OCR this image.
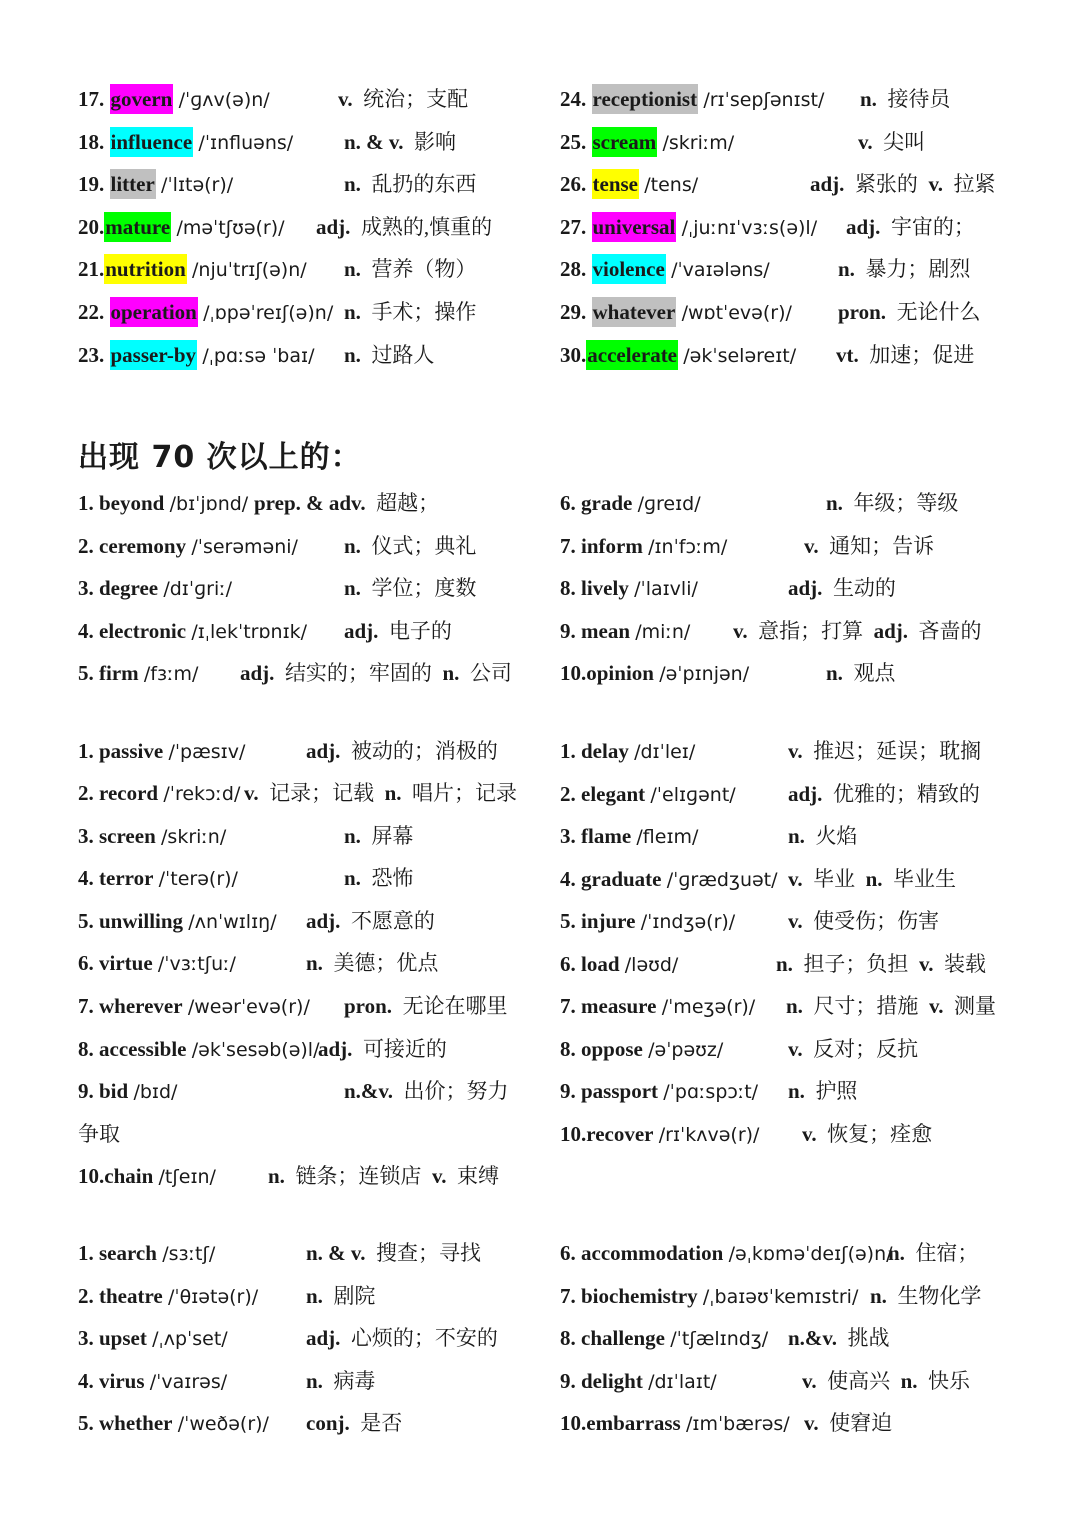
17. govern /ˈɡʌv(ə)n/	v.  统治；支配
18. influence /ˈɪnfluəns/ n. & v.  影响
19. litter /ˈlɪtə(r)/	n.  乱扔的东西
20.mature /məˈtʃʊə(r)/ adj.  成熟的,慎重的
21.nutrition /njuˈtrɪʃ(ə)n/ n.  营养（物）
22. operation /ˌɒpəˈreɪʃ(ə)n/ n.  手术；操作
23. passer-by /ˌpɑːsə ˈbaɪ/ n.  过路人
24. receptionist /rɪˈsepʃənɪst/ n.  接待员
25. scream /skriːm/	v.  尖叫
26. tense /tens/	adj.  紧张的  v.  拉紧
27. universal /ˌjuːnɪˈvɜːs(ə)l/ adj.  宇宙的；
28. violence /ˈvaɪələns/	n.  暴力；剧烈
29. whatever /wɒtˈevə(r)/ pron.  无论什么
30.accelerate /əkˈseləreɪt/ vt.  加速；促进
1. beyond /bɪˈjɒnd/ prep. & adv.  超越；
2. ceremony /ˈserəməni/ n.  仪式；典礼
3. degree /dɪˈɡriː/	n.  学位；度数
4. electronic /ɪˌlekˈtrɒnɪk/ adj.  电子的
5. firm /fɜːm/ adj.  结实的；牢固的  n.  公司
6. grade /ɡreɪd/	n.  年级；等级
7. inform /ɪnˈfɔːm/	v.  通知；告诉
8. lively /ˈlaɪvli/	adj.  生动的
9. mean /miːn/ v.  意指；打算  adj.  吝啬的
10.opinion /əˈpɪnjən/	n.  观点
1. passive /ˈpæsɪv/	adj.  被动的；消极的
2. record /ˈrekɔːd/ v.  记录；记载  n.  唱片；记录
3. screen /skriːn/	n.  屏幕
4. terror /ˈterə(r)/	n.  恐怖
5. unwilling /ʌnˈwɪlɪŋ/ adj.  不愿意的
6. virtue /ˈvɜːtʃuː/	n.  美德；优点
7. wherever /weərˈevə(r)/ pron.  无论在哪里
8. accessible /əkˈsesəb(ə)l/
adj.  可接近的
9. bid /bɪd/	n.&v.  出价；努力
争取
10.chain /tʃeɪn/ n.  链条；连锁店  v.  束缚
1. delay /dɪˈleɪ/	v.  推迟；延误；耽搁
2. elegant /ˈelɪɡənt/ adj.  优雅的；精致的
3. flame /fleɪm/	n.  火焰
4. graduate /ˈɡrædʒuət/ v.  毕业  n.  毕业生
5. injure /ˈɪndʒə(r)/	v.  使受伤；伤害
6. load /ləʊd/	n.  担子；负担  v.  装载
7. measure /ˈmeʒə(r)/ n.  尺寸；措施  v.  测量
8. oppose /əˈpəʊz/	v.  反对；反抗
9. passport /ˈpɑːspɔːt/ n.  护照
10.recover /rɪˈkʌvə(r)/ v.  恢复；痊愈
1. search /sɜːtʃ/	n. & v.  搜查；寻找
2. theatre /ˈθɪətə(r)/ n.  剧院
3. upset /ˌʌpˈset/	adj.  心烦的；不安的
4. virus /ˈvaɪrəs/	n.  病毒
5. whether /ˈweðə(r)/ conj.  是否
6. accommodation /əˌkɒməˈdeɪʃ(ə)n/
n.  住宿；
7. biochemistry /ˌbaɪəʊˈkemɪstri/ n.  生物化学
8. challenge /ˈtʃælɪndʒ/ n.&v.  挑战
9. delight /dɪˈlaɪt/	v.  使高兴  n.  快乐
10.embarrass /ɪmˈbærəs/ v.  使窘迫
出现 70 次以上的：
